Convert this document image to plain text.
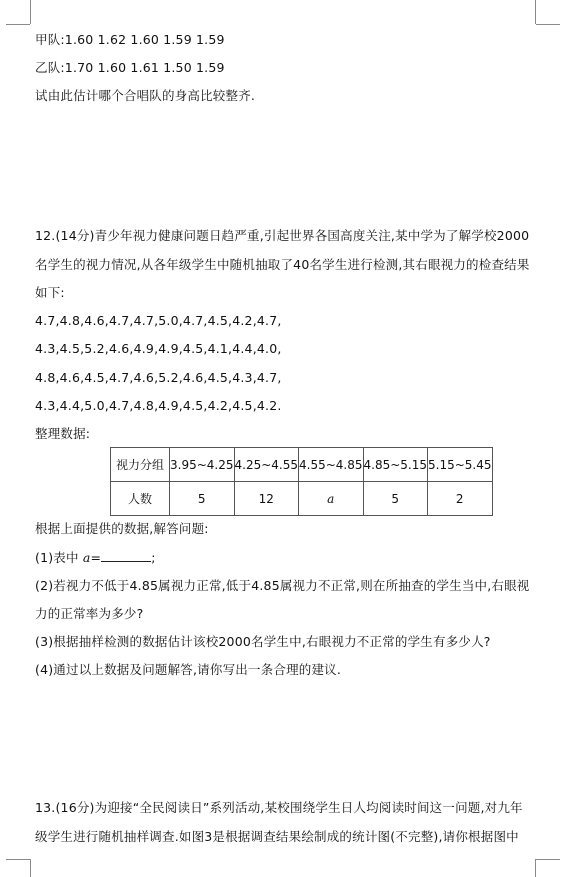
甲队:1.60 1.62 1.60 1.59 1.59
乙队:1.70 1.60 1.61 1.50 1.59
试由此估计哪个合唱队的身高比较整齐.
12.(14分)青少年视力健康问题日趋严重,引起世界各国高度关注,某中学为了解学校2000
名学生的视力情况,从各年级学生中随机抽取了40名学生进行检测,其右眼视力的检查结果
如下:
4.7,4.8,4.6,4.7,4.7,5.0,4.7,4.5,4.2,4.7,
4.3,4.5,5.2,4.6,4.9,4.9,4.5,4.1,4.4,4.0,
4.8,4.6,4.5,4.7,4.6,5.2,4.6,4.5,4.3,4.7,
4.3,4.4,5.0,4.7,4.8,4.9,4.5,4.2,4.5,4.2.
整理数据:
视力分组	3.95~4.25	4.25~4.55	4.55~4.85	4.85~5.15	5.15~5.45
人数	5	12	a	5	2
根据上面提供的数据,解答问题:
(1)表中 a=	;
(2)若视力不低于4.85属视力正常,低于4.85属视力不正常,则在所抽查的学生当中,右眼视
力的正常率为多少?
(3)根据抽样检测的数据估计该校2000名学生中,右眼视力不正常的学生有多少人?
(4)通过以上数据及问题解答,请你写出一条合理的建议.
13.(16分)为迎接“全民阅读日”系列活动,某校围绕学生日人均阅读时间这一问题,对九年
级学生进行随机抽样调查.如图3是根据调查结果绘制成的统计图(不完整),请你根据图中
